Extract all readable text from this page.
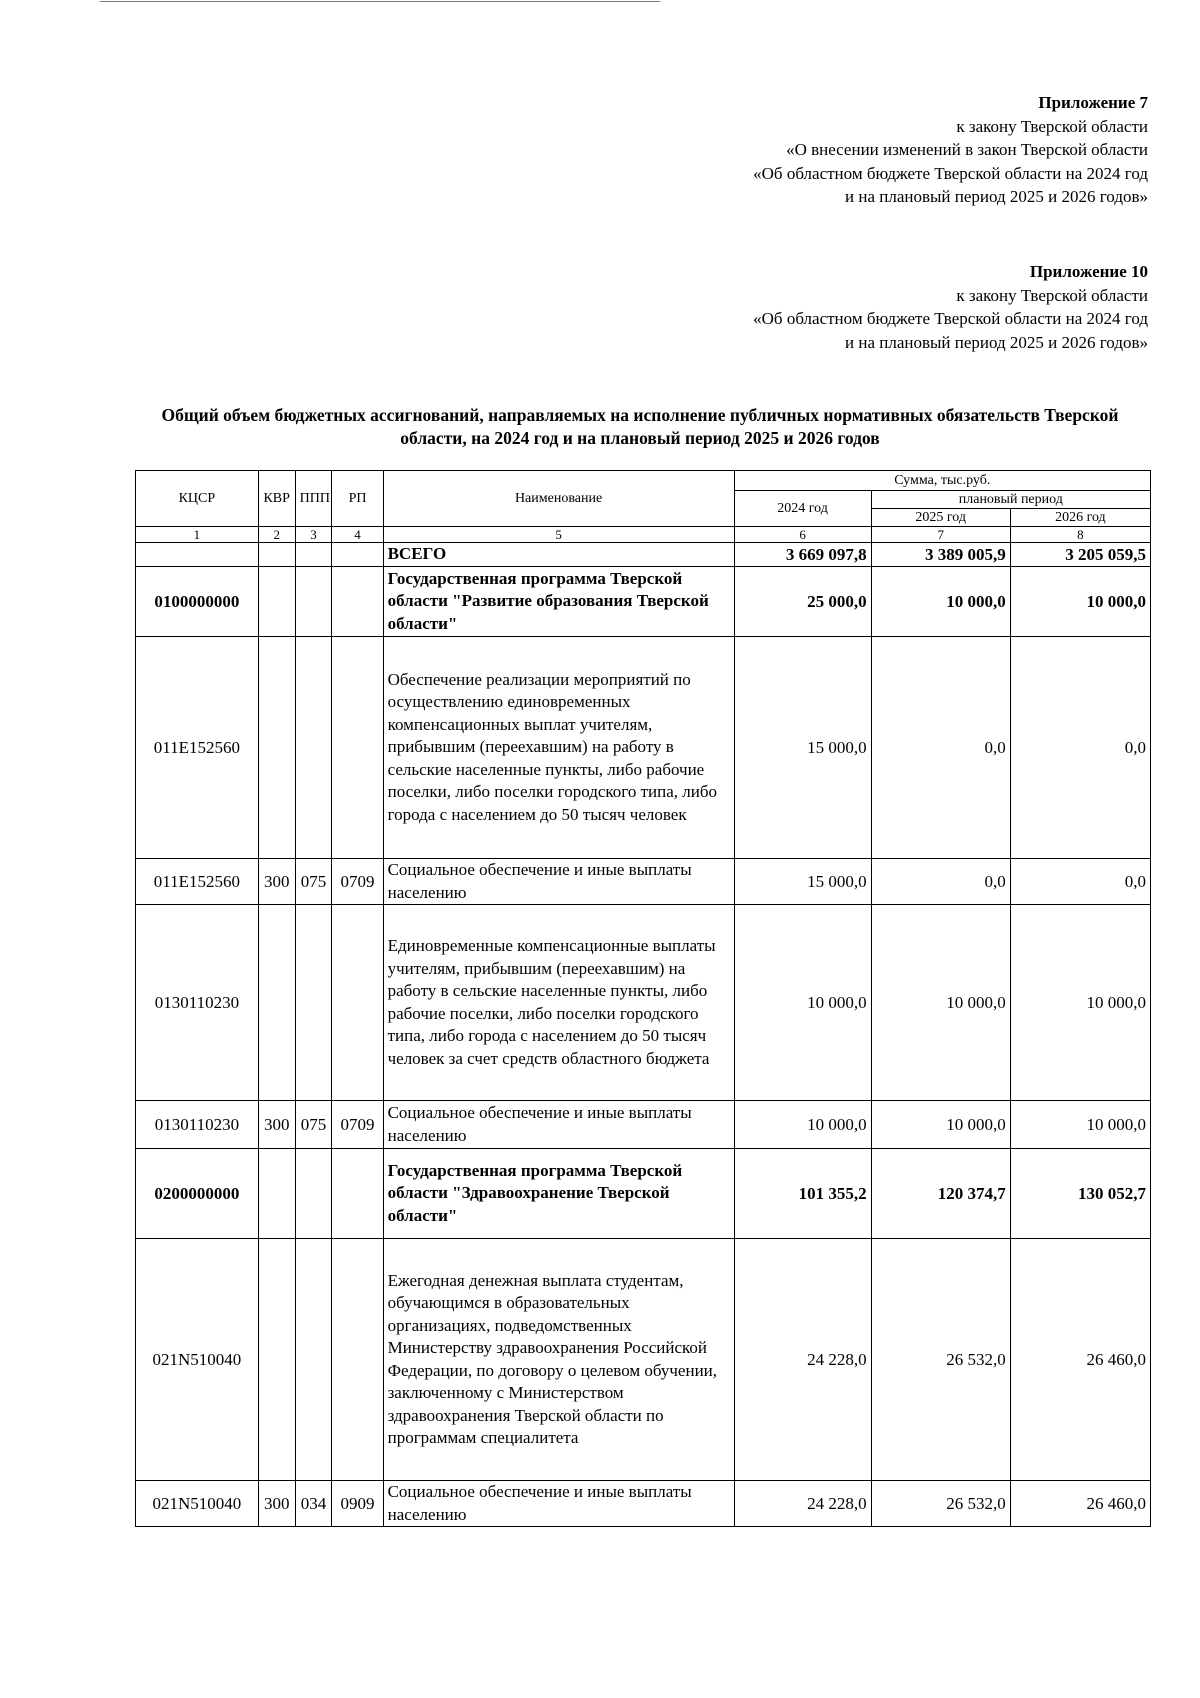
Приложение 7
к закону Тверской области
«О внесении изменений в закон Тверской области
«Об областном бюджете Тверской области на 2024 год
и на плановый период 2025 и 2026 годов»
Приложение 10
к закону Тверской области
«Об областном бюджете Тверской области на 2024 год
и на плановый период 2025 и 2026 годов»
Общий объем бюджетных ассигнований, направляемых на исполнение публичных нормативных обязательств Тверской
области, на 2024 год и на плановый период 2025 и 2026 годов
КЦСР	КВР	ППП	РП	Наименование	Сумма, тыс.руб.		
					2024 год	плановый период	
						2025 год	2026 год
1	2	3	4	5	6	7	8
				ВСЕГО	3 669 097,8	3 389 005,9	3 205 059,5
0100000000				Государственная программа Тверской области "Развитие образования Тверской области"	25 000,0	10 000,0	10 000,0
011Е152560				Обеспечение реализации мероприятий по осуществлению единовременных компенсационных выплат учителям, прибывшим (переехавшим) на работу в сельские населенные пункты, либо рабочие поселки, либо поселки городского типа, либо города с населением до 50 тысяч человек	15 000,0	0,0	0,0
011Е152560	300	075	0709	Социальное обеспечение и иные выплаты населению	15 000,0	0,0	0,0
0130110230				Единовременные компенсационные выплаты учителям, прибывшим (переехавшим) на работу в сельские населенные пункты, либо рабочие поселки, либо поселки городского типа, либо города с населением до 50 тысяч человек за счет средств областного бюджета	10 000,0	10 000,0	10 000,0
0130110230	300	075	0709	Социальное обеспечение и иные выплаты населению	10 000,0	10 000,0	10 000,0
0200000000				Государственная программа Тверской области "Здравоохранение Тверской области"	101 355,2	120 374,7	130 052,7
021N510040				Ежегодная денежная выплата студентам, обучающимся в образовательных организациях, подведомственных Министерству здравоохранения Российской Федерации, по договору о целевом обучении, заключенному с Министерством здравоохранения Тверской области по программам специалитета	24 228,0	26 532,0	26 460,0
021N510040	300	034	0909	Социальное обеспечение и иные выплаты населению	24 228,0	26 532,0	26 460,0
